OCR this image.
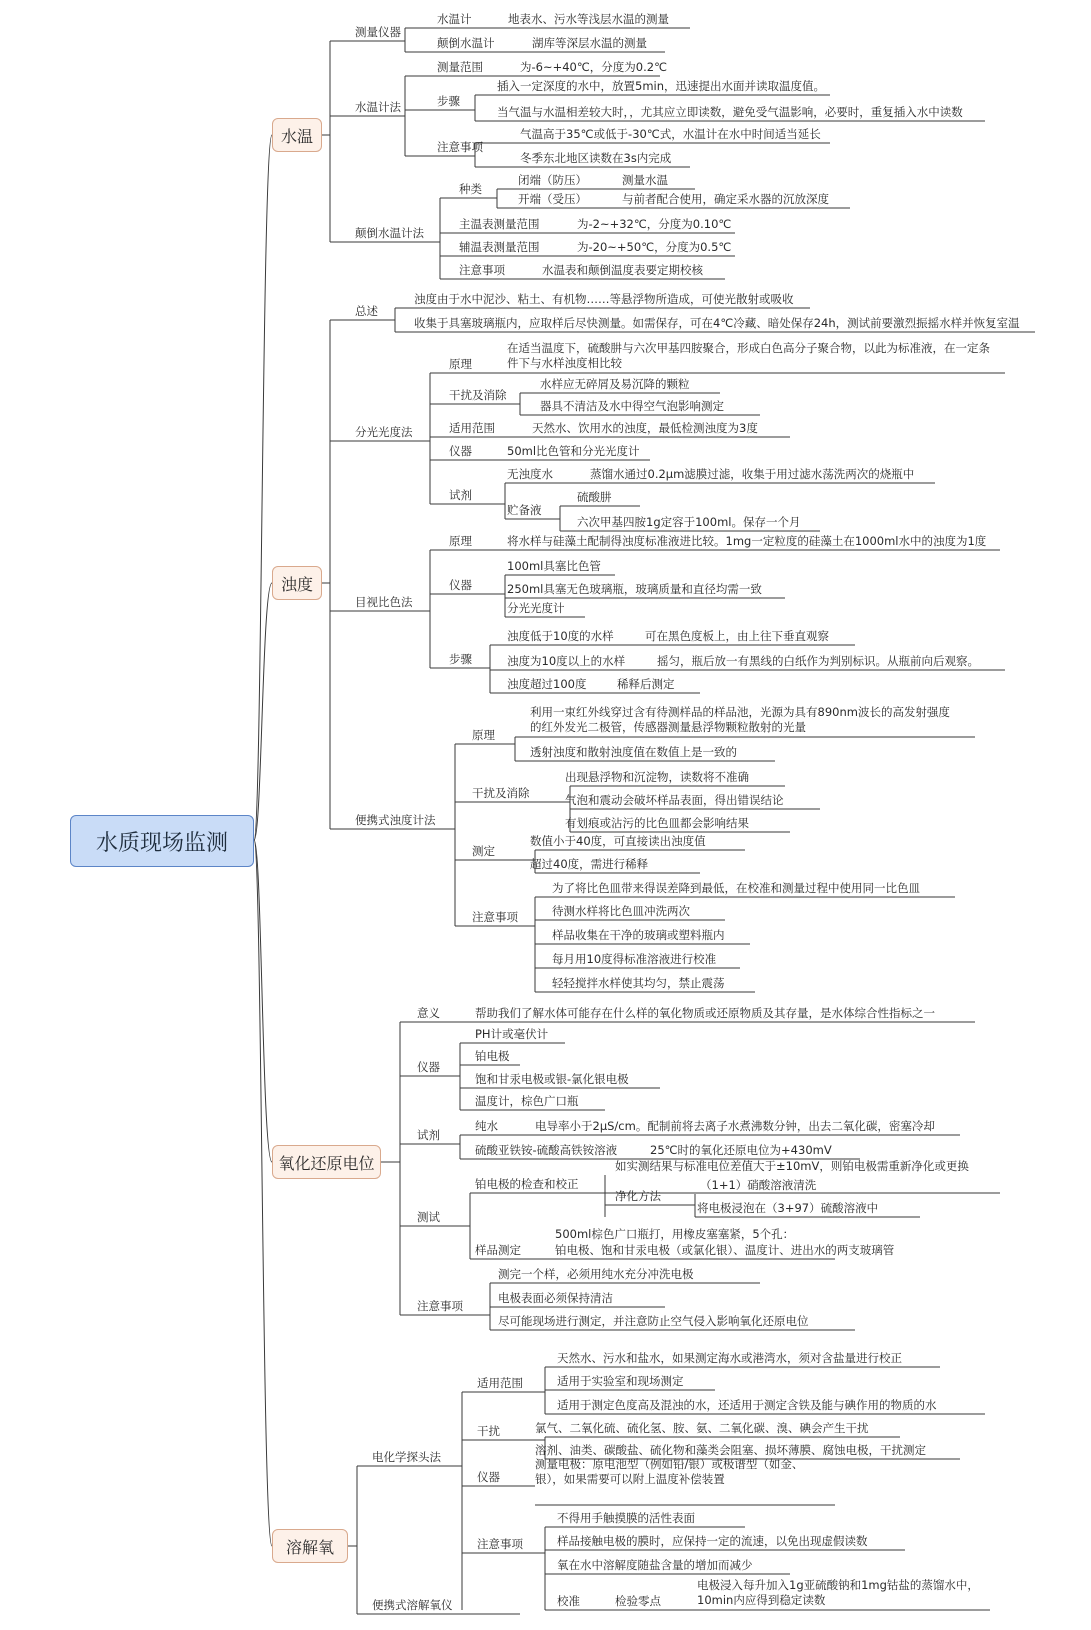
水质现场监测
水温
浊度
氧化还原电位
溶解氧
测量仪器
水温计	地表水、污水等浅层水温的测量
颠倒水温计	湖库等深层水温的测量
水温计法
测量范围	为-6~+40℃，分度为0.2℃
步骤
插入一定深度的水中，放置5min，迅速提出水面并读取温度值。
当气温与水温相差较大时，，尤其应立即读数，避免受气温影响，必要时，重复插入水中读数
注意事项
气温高于35℃或低于-30℃式，水温计在水中时间适当延长
冬季东北地区读数在3s内完成
颠倒水温计法
种类
闭端（防压）	测量水温
开端（受压）	与前者配合使用，确定采水器的沉放深度
主温表测量范围	为-2~+32℃，分度为0.10℃
辅温表测量范围	为-20~+50℃，分度为0.5℃
注意事项	水温表和颠倒温度表要定期校核
总述
浊度由于水中泥沙、粘土、有机物……等悬浮物所造成，可使光散射或吸收
收集于具塞玻璃瓶内，应取样后尽快测量。如需保存，可在4℃冷藏、暗处保存24h，测试前要激烈振摇水样并恢复室温
分光光度法
原理
在适当温度下，硫酸肼与六次甲基四胺聚合，形成白色高分子聚合物，以此为标准液，在一定条件下与水样浊度相比较
干扰及消除
水样应无碎屑及易沉降的颗粒
器具不清洁及水中得空气泡影响测定
适用范围	天然水、饮用水的浊度，最低检测浊度为3度
仪器	50ml比色管和分光光度计
试剂
无浊度水	蒸馏水通过0.2μm滤膜过滤，收集于用过滤水荡洗两次的烧瓶中
贮备液
硫酸肼
六次甲基四胺1g定容于100ml。保存一个月
目视比色法
原理	将水样与硅藻土配制得浊度标准液进比较。1mg一定粒度的硅藻土在1000ml水中的浊度为1度
仪器
100ml具塞比色管
250ml具塞无色玻璃瓶，玻璃质量和直径均需一致
分光光度计
步骤
浊度低于10度的水样	可在黑色度板上，由上往下垂直观察
浊度为10度以上的水样	摇匀，瓶后放一有黑线的白纸作为判别标识。从瓶前向后观察。
浊度超过100度	稀释后测定
便携式浊度计法
原理
利用一束红外线穿过含有待测样品的样品池，光源为具有890nm波长的高发射强度的红外发光二极管，传感器测量悬浮物颗粒散射的光量
透射浊度和散射浊度值在数值上是一致的
干扰及消除
出现悬浮物和沉淀物，读数将不准确
气泡和震动会破坏样品表面，得出错误结论
有划痕或沾污的比色皿都会影响结果
测定
数值小于40度，可直接读出浊度值
超过40度，需进行稀释
注意事项
为了将比色皿带来得误差降到最低，在校准和测量过程中使用同一比色皿
待测水样将比色皿冲洗两次
样品收集在干净的玻璃或塑料瓶内
每月用10度得标准溶液进行校准
轻轻搅拌水样使其均匀，禁止震荡
意义	帮助我们了解水体可能存在什么样的氧化物质或还原物质及其存量，是水体综合性指标之一
仪器
PH计或毫伏计
铂电极
饱和甘汞电极或银-氯化银电极
温度计，棕色广口瓶
试剂
纯水	电导率小于2μS/cm。配制前将去离子水煮沸数分钟，出去二氧化碳，密塞冷却
硫酸亚铁铵-硫酸高铁铵溶液	25℃时的氧化还原电位为+430mV
测试
铂电极的检查和校正
如实测结果与标准电位差值大于±10mV，则铂电极需重新净化或更换
净化方法
（1+1）硝酸溶液清洗
将电极浸泡在（3+97）硫酸溶液中
样品测定
500ml棕色广口瓶打，用橡皮塞塞紧，5个孔：
铂电极、饱和甘汞电极（或氯化银）、温度计、进出水的两支玻璃管
注意事项
测完一个样，必须用纯水充分冲洗电极
电极表面必须保持清洁
尽可能现场进行测定，并注意防止空气侵入影响氧化还原电位
电化学探头法
适用范围
天然水、污水和盐水，如果测定海水或港湾水，须对含盐量进行校正
适用于实验室和现场测定
适用于测定色度高及混浊的水，还适用于测定含铁及能与碘作用的物质的水
干扰	氯气、二氧化硫、硫化氢、胺、氨、二氧化碳、溴、碘会产生干扰
溶剂、油类、碳酸盐、硫化物和藻类会阻塞、损坏薄膜、腐蚀电极，干扰测定
仪器
测量电极：原电池型（例如铅/银）或极谱型（如金、银），如果需要可以附上温度补偿装置
注意事项
不得用手触摸膜的活性表面
样品接触电极的膜时，应保持一定的流速，以免出现虚假读数
氧在水中溶解度随盐含量的增加而减少
校准	检验零点
电极浸入每升加入1g亚硫酸钠和1mg钴盐的蒸馏水中，10min内应得到稳定读数
便携式溶解氧仪
